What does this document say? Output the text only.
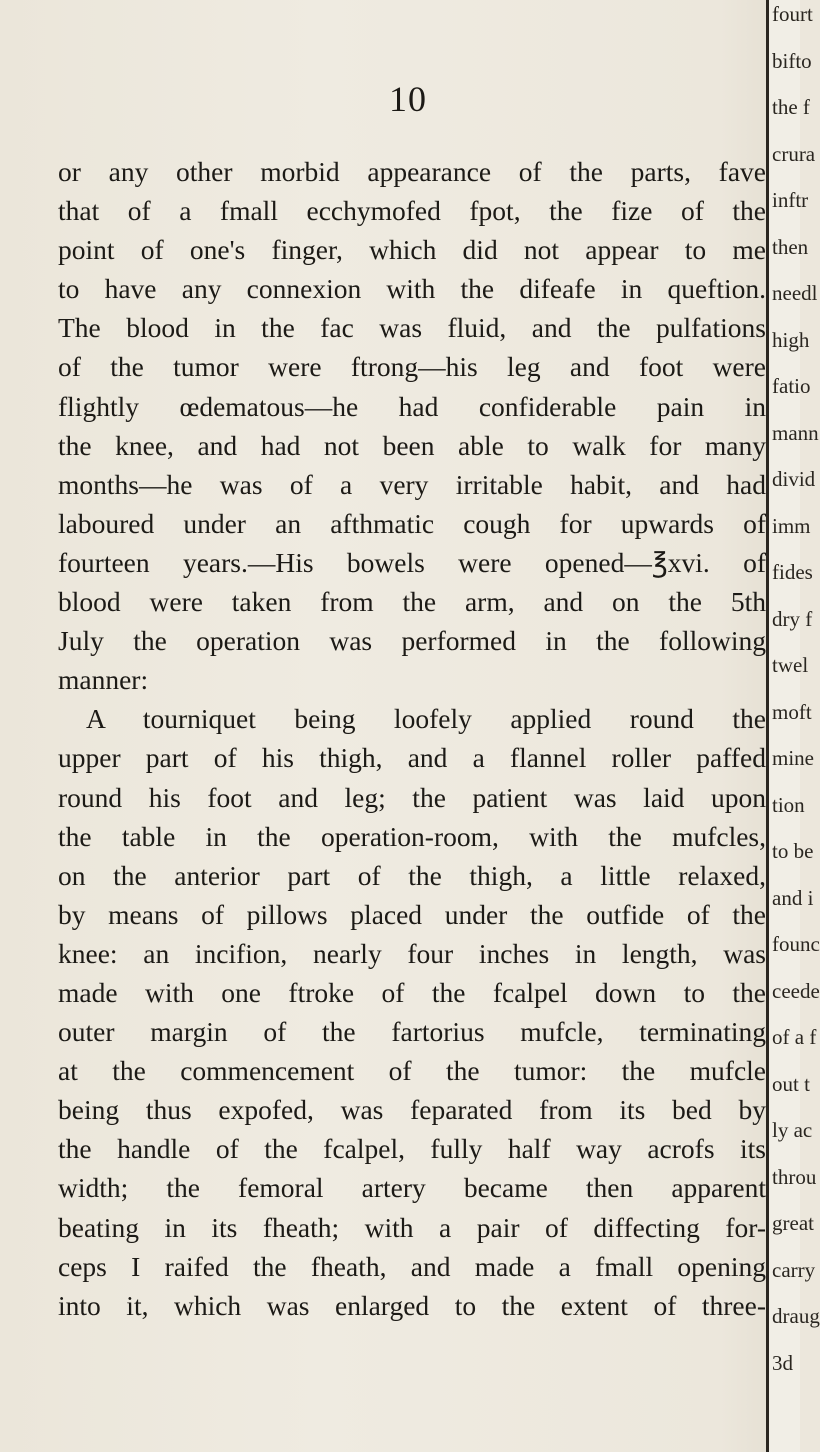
10
or any other morbid appearance of the parts, fave
that of a fmall ecchymofed fpot, the fize of the
point of one's finger, which did not appear to me
to have any connexion with the difeafe in queftion.
The blood in the fac was fluid, and the pulfations
of the tumor were ftrong—his leg and foot were
flightly œdematous—he had confiderable pain in
the knee, and had not been able to walk for many
months—he was of a very irritable habit, and had
laboured under an afthmatic cough for upwards of
fourteen years.—His bowels were opened—℥xvi. of
blood were taken from the arm, and on the 5th
July the operation was performed in the following
manner:
A tourniquet being loofely applied round the
upper part of his thigh, and a flannel roller paffed
round his foot and leg; the patient was laid upon
the table in the operation-room, with the mufcles,
on the anterior part of the thigh, a little relaxed,
by means of pillows placed under the outfide of the
knee: an incifion, nearly four inches in length, was
made with one ftroke of the fcalpel down to the
outer margin of the fartorius mufcle, terminating
at the commencement of the tumor: the mufcle
being thus expofed, was feparated from its bed by
the handle of the fcalpel, fully half way acrofs its
width; the femoral artery became then apparent
beating in its fheath; with a pair of diffecting for-
ceps I raifed the fheath, and made a fmall opening
into it, which was enlarged to the extent of three-
fourt
bifto
the f
crura
inftr
then
needl
high
fatio
mann
divid
imm
fides
dry f
twel
moft
mine
tion
to be
and i
founc
ceede
of a f
out t
ly ac
throu
great
carry
draug
3d
